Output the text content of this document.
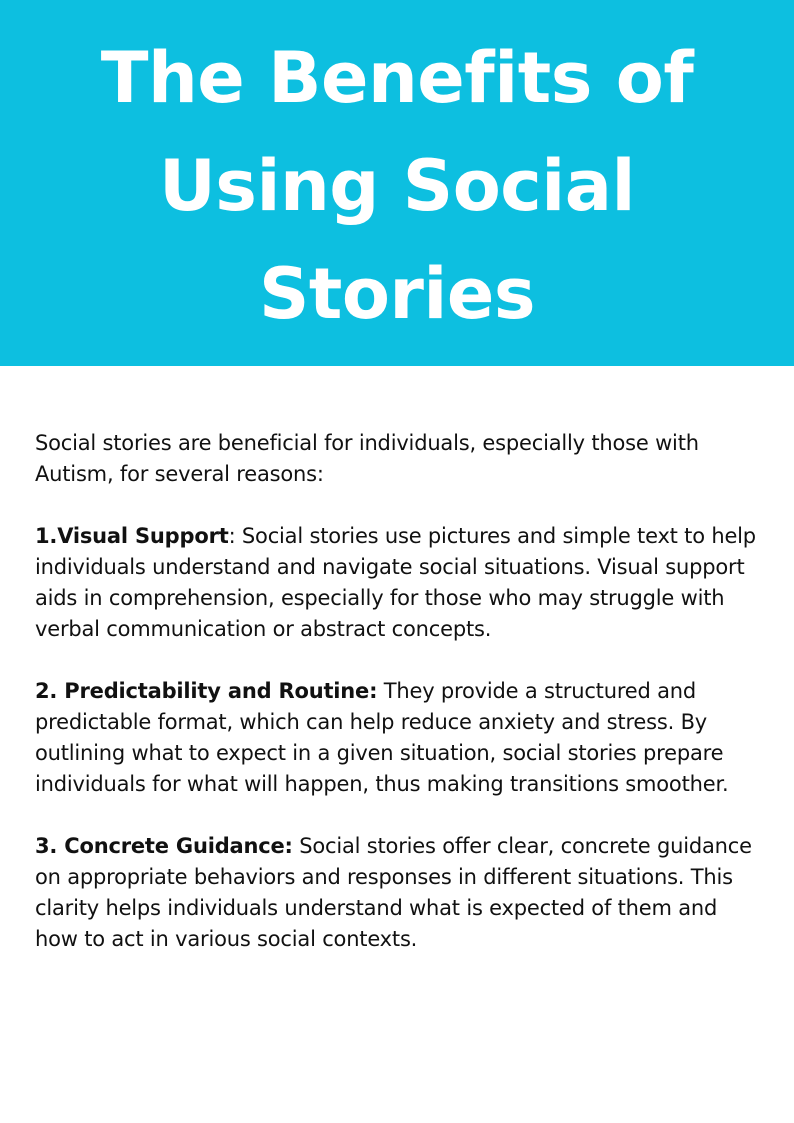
The Benefits of
Using Social
Stories

Social stories are beneficial for individuals, especially those with Autism, for several reasons:

1.Visual Support: Social stories use pictures and simple text to help individuals understand and navigate social situations. Visual support aids in comprehension, especially for those who may struggle with verbal communication or abstract concepts.

2. Predictability and Routine: They provide a structured and predictable format, which can help reduce anxiety and stress. By outlining what to expect in a given situation, social stories prepare individuals for what will happen, thus making transitions smoother.

3. Concrete Guidance: Social stories offer clear, concrete guidance on appropriate behaviors and responses in different situations. This clarity helps individuals understand what is expected of them and how to act in various social contexts.
